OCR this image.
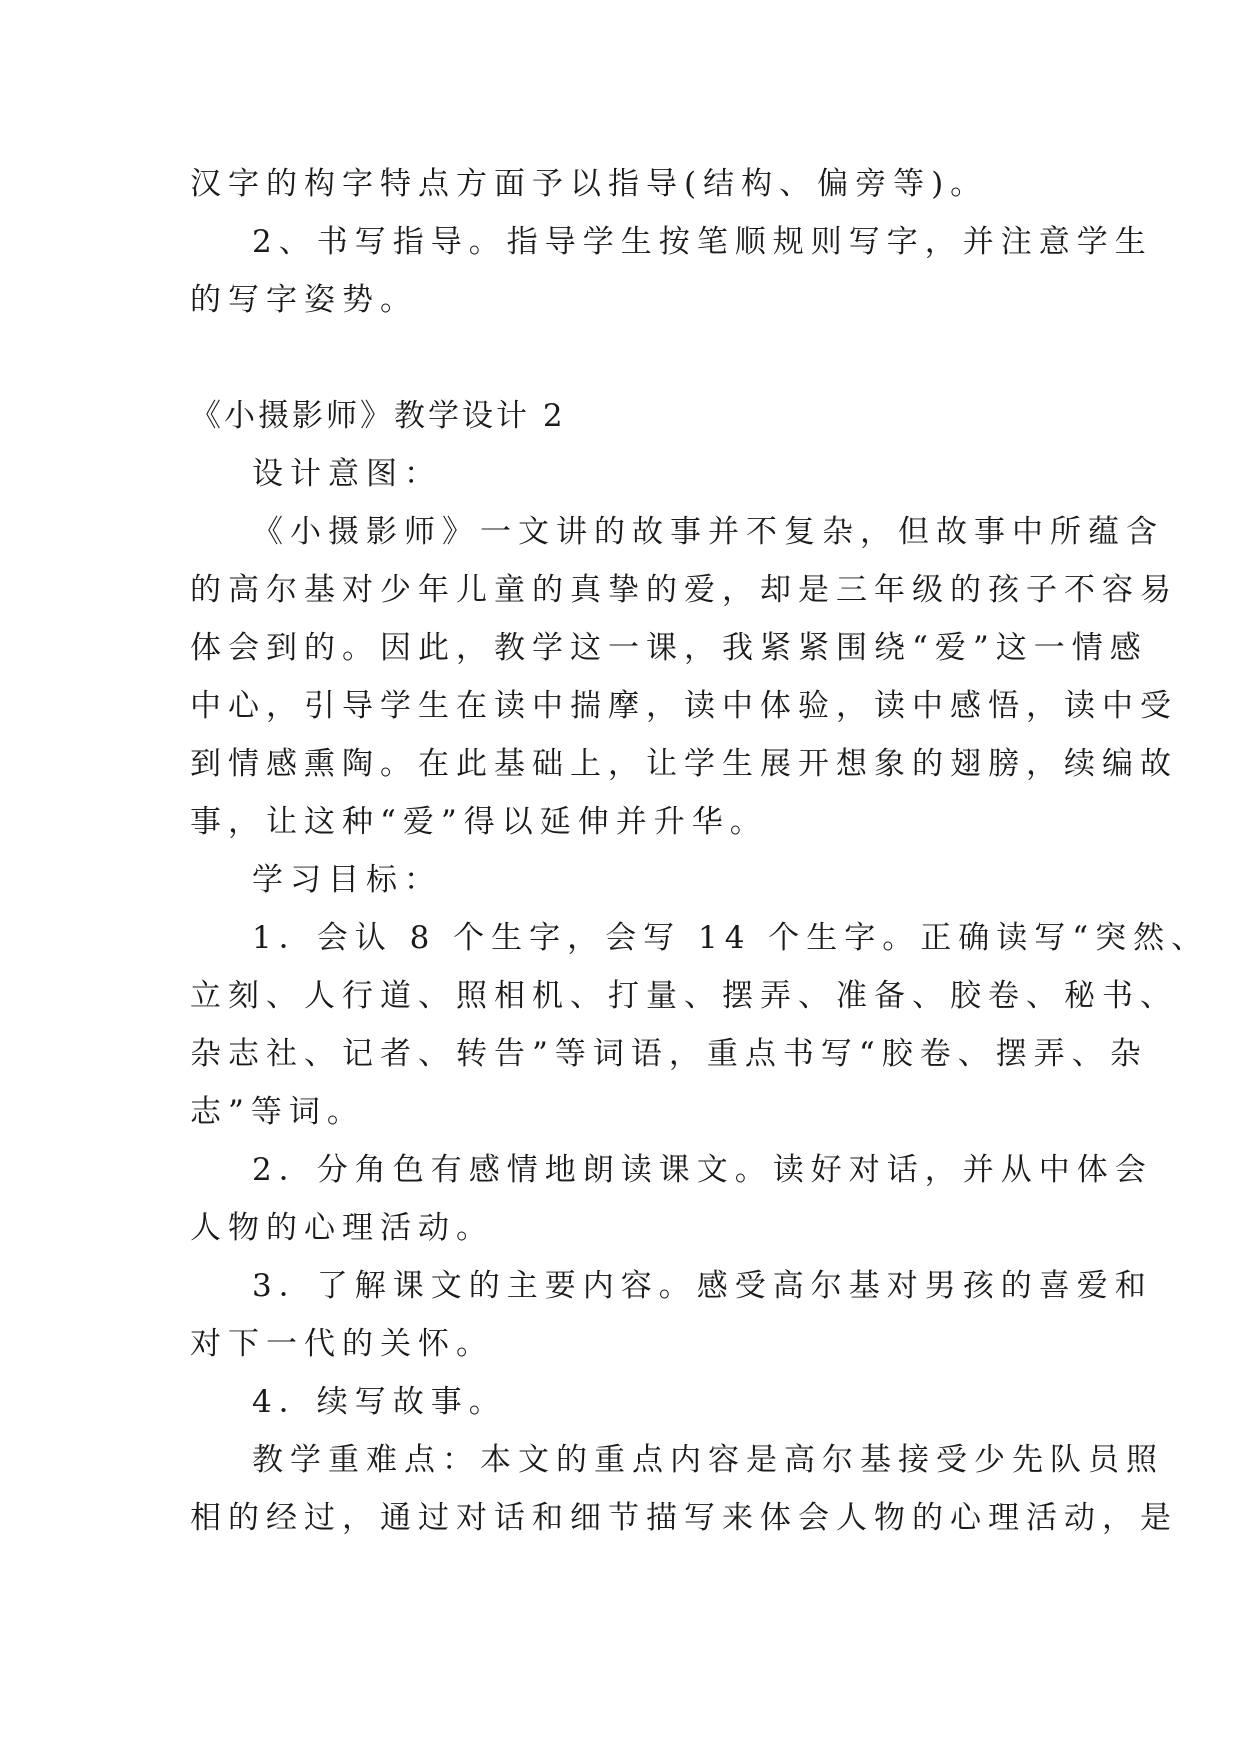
汉字的构字特点方面予以指导(结构、偏旁等)。
2、书写指导。指导学生按笔顺规则写字，并注意学生
的写字姿势。
《小摄影师》教学设计 2
设计意图：
《小摄影师》一文讲的故事并不复杂，但故事中所蕴含
的高尔基对少年儿童的真挚的爱，却是三年级的孩子不容易
体会到的。因此，教学这一课，我紧紧围绕“爱”这一情感
中心，引导学生在读中揣摩，读中体验，读中感悟，读中受
到情感熏陶。在此基础上，让学生展开想象的翅膀，续编故
事，让这种“爱”得以延伸并升华。
学习目标：
1．会认 8 个生字，会写 14 个生字。正确读写“突然、
立刻、人行道、照相机、打量、摆弄、准备、胶卷、秘书、
杂志社、记者、转告”等词语，重点书写“胶卷、摆弄、杂
志”等词。
2．分角色有感情地朗读课文。读好对话，并从中体会
人物的心理活动。
3．了解课文的主要内容。感受高尔基对男孩的喜爱和
对下一代的关怀。
4．续写故事。
教学重难点：本文的重点内容是高尔基接受少先队员照
相的经过，通过对话和细节描写来体会人物的心理活动，是
